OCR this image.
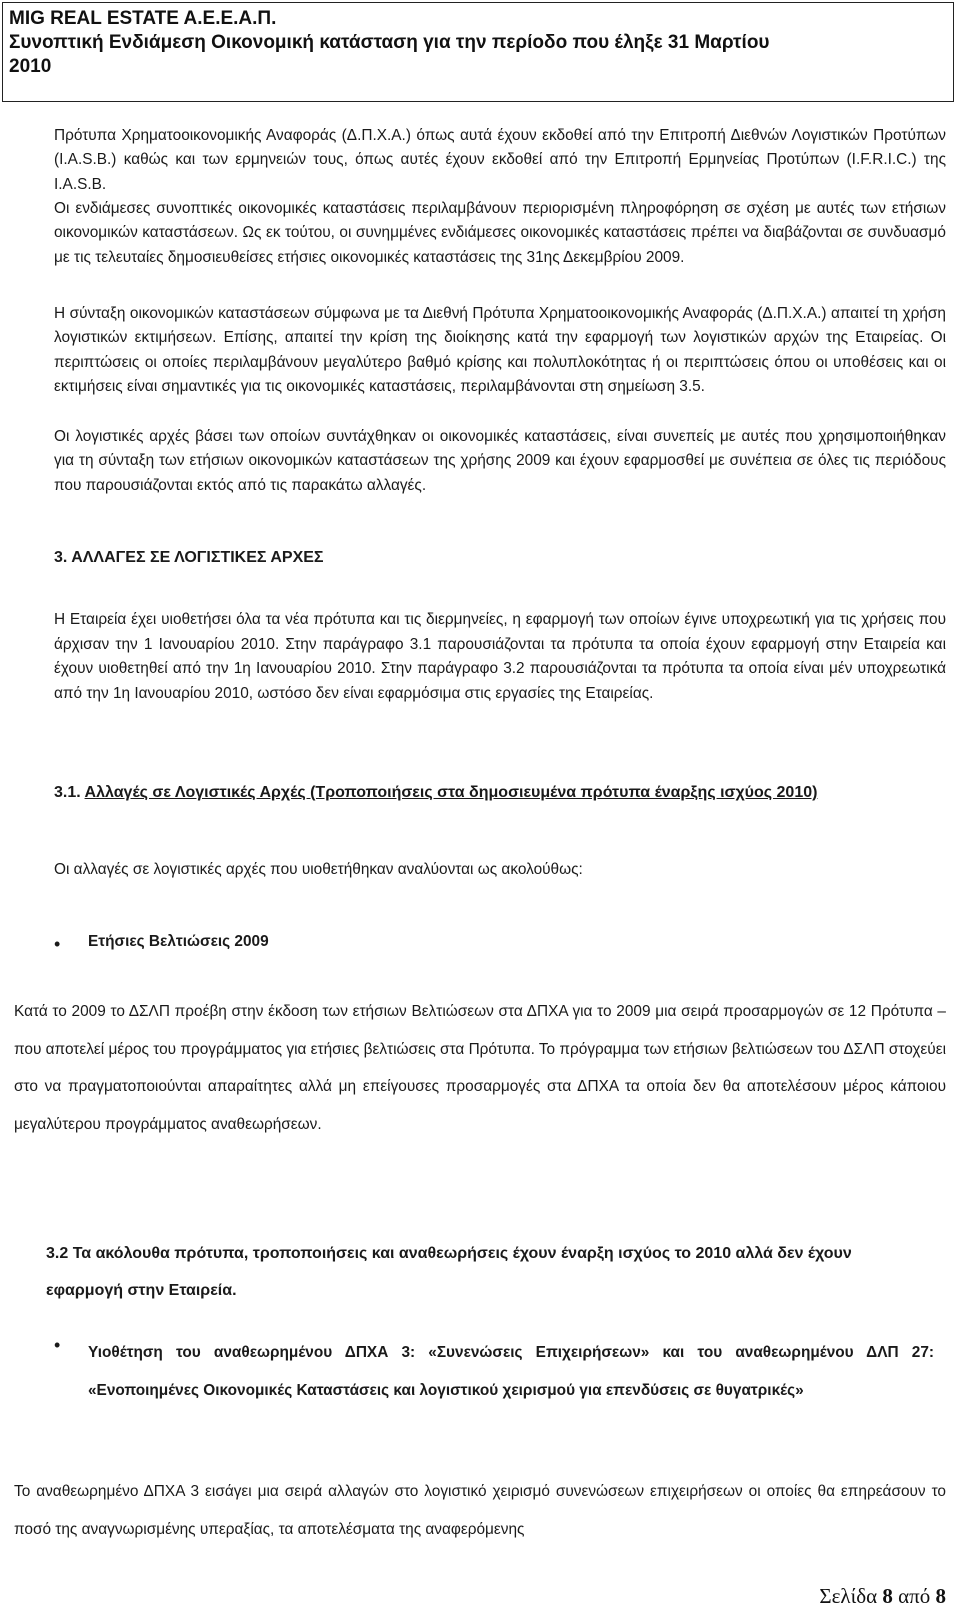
MIG REAL ESTATE A.E.E.A.Π.
Συνοπτική Ενδιάμεση Οικονομική κατάσταση για την περίοδο που έληξε 31 Μαρτίου
2010
Πρότυπα Χρηματοοικονομικής Αναφοράς (Δ.Π.Χ.Α.) όπως αυτά έχουν εκδοθεί από την Επιτροπή Διεθνών Λογιστικών Προτύπων (I.A.S.B.) καθώς και των ερμηνειών τους, όπως αυτές έχουν εκδοθεί από την Επιτροπή Ερμηνείας Προτύπων (I.F.R.I.C.) της I.A.S.B.
Οι ενδιάμεσες συνοπτικές οικονομικές καταστάσεις περιλαμβάνουν περιορισμένη πληροφόρηση σε σχέση με αυτές των ετήσιων οικονομικών καταστάσεων. Ως εκ τούτου, οι συνημμένες ενδιάμεσες οικονομικές καταστάσεις πρέπει να διαβάζονται σε συνδυασμό με τις τελευταίες δημοσιευθείσες ετήσιες οικονομικές καταστάσεις της 31ης Δεκεμβρίου 2009.
Η σύνταξη οικονομικών καταστάσεων σύμφωνα με τα Διεθνή Πρότυπα Χρηματοοικονομικής Αναφοράς (Δ.Π.Χ.Α.) απαιτεί τη χρήση λογιστικών εκτιμήσεων. Επίσης, απαιτεί την κρίση της διοίκησης κατά την εφαρμογή των λογιστικών αρχών της Εταιρείας. Οι περιπτώσεις οι οποίες περιλαμβάνουν μεγαλύτερο βαθμό κρίσης και πολυπλοκότητας ή οι περιπτώσεις όπου οι υποθέσεις και οι εκτιμήσεις είναι σημαντικές για τις οικονομικές καταστάσεις, περιλαμβάνονται στη σημείωση 3.5.
Οι λογιστικές αρχές βάσει των οποίων συντάχθηκαν οι οικονομικές καταστάσεις, είναι συνεπείς με αυτές που χρησιμοποιήθηκαν για τη σύνταξη των ετήσιων οικονομικών καταστάσεων της χρήσης 2009 και έχουν εφαρμοσθεί με συνέπεια σε όλες τις περιόδους που παρουσιάζονται εκτός από τις παρακάτω αλλαγές.
3. ΑΛΛΑΓΕΣ ΣΕ ΛΟΓΙΣΤΙΚΕΣ ΑΡΧΕΣ
Η Εταιρεία έχει υιοθετήσει όλα τα νέα πρότυπα και τις διερμηνείες, η εφαρμογή των οποίων έγινε υποχρεωτική για τις χρήσεις που άρχισαν την 1 Ιανουαρίου 2010. Στην παράγραφο 3.1 παρουσιάζονται τα πρότυπα τα οποία έχουν εφαρμογή στην Εταιρεία και έχουν υιοθετηθεί από την 1η Ιανουαρίου 2010. Στην παράγραφο 3.2 παρουσιάζονται τα πρότυπα τα οποία είναι μέν υποχρεωτικά από την 1η Ιανουαρίου 2010, ωστόσο δεν είναι εφαρμόσιμα στις εργασίες της Εταιρείας.
3.1. Αλλαγές σε Λογιστικές Αρχές (Τροποποιήσεις στα δημοσιευμένα πρότυπα έναρξης ισχύος 2010)
Οι αλλαγές σε λογιστικές αρχές που υιοθετήθηκαν αναλύονται ως ακολούθως:
•	Ετήσιες Βελτιώσεις 2009
Κατά το 2009 το ΔΣΛΠ προέβη στην έκδοση των ετήσιων Βελτιώσεων στα ΔΠΧΑ για το 2009 μια σειρά προσαρμογών σε 12 Πρότυπα – που αποτελεί μέρος του προγράμματος για ετήσιες βελτιώσεις στα Πρότυπα. Το πρόγραμμα των ετήσιων βελτιώσεων του ΔΣΛΠ στοχεύει στο να πραγματοποιούνται απαραίτητες αλλά μη επείγουσες προσαρμογές στα ΔΠΧΑ τα οποία δεν θα αποτελέσουν μέρος κάποιου μεγαλύτερου προγράμματος αναθεωρήσεων.
3.2 Τα ακόλουθα πρότυπα, τροποποιήσεις και αναθεωρήσεις έχουν έναρξη ισχύος το 2010 αλλά δεν έχουν εφαρμογή στην Εταιρεία.
•	Υιοθέτηση του αναθεωρημένου ΔΠΧΑ 3: «Συνενώσεις Επιχειρήσεων» και του αναθεωρημένου ΔΛΠ 27: «Ενοποιημένες Οικονομικές Καταστάσεις και λογιστικού χειρισμού για επενδύσεις σε θυγατρικές»
Το αναθεωρημένο ΔΠΧΑ 3 εισάγει μια σειρά αλλαγών στο λογιστικό χειρισμό συνενώσεων επιχειρήσεων οι οποίες θα επηρεάσουν το ποσό της αναγνωρισμένης υπεραξίας, τα αποτελέσματα της αναφερόμενης
Σελίδα 8 από 8
